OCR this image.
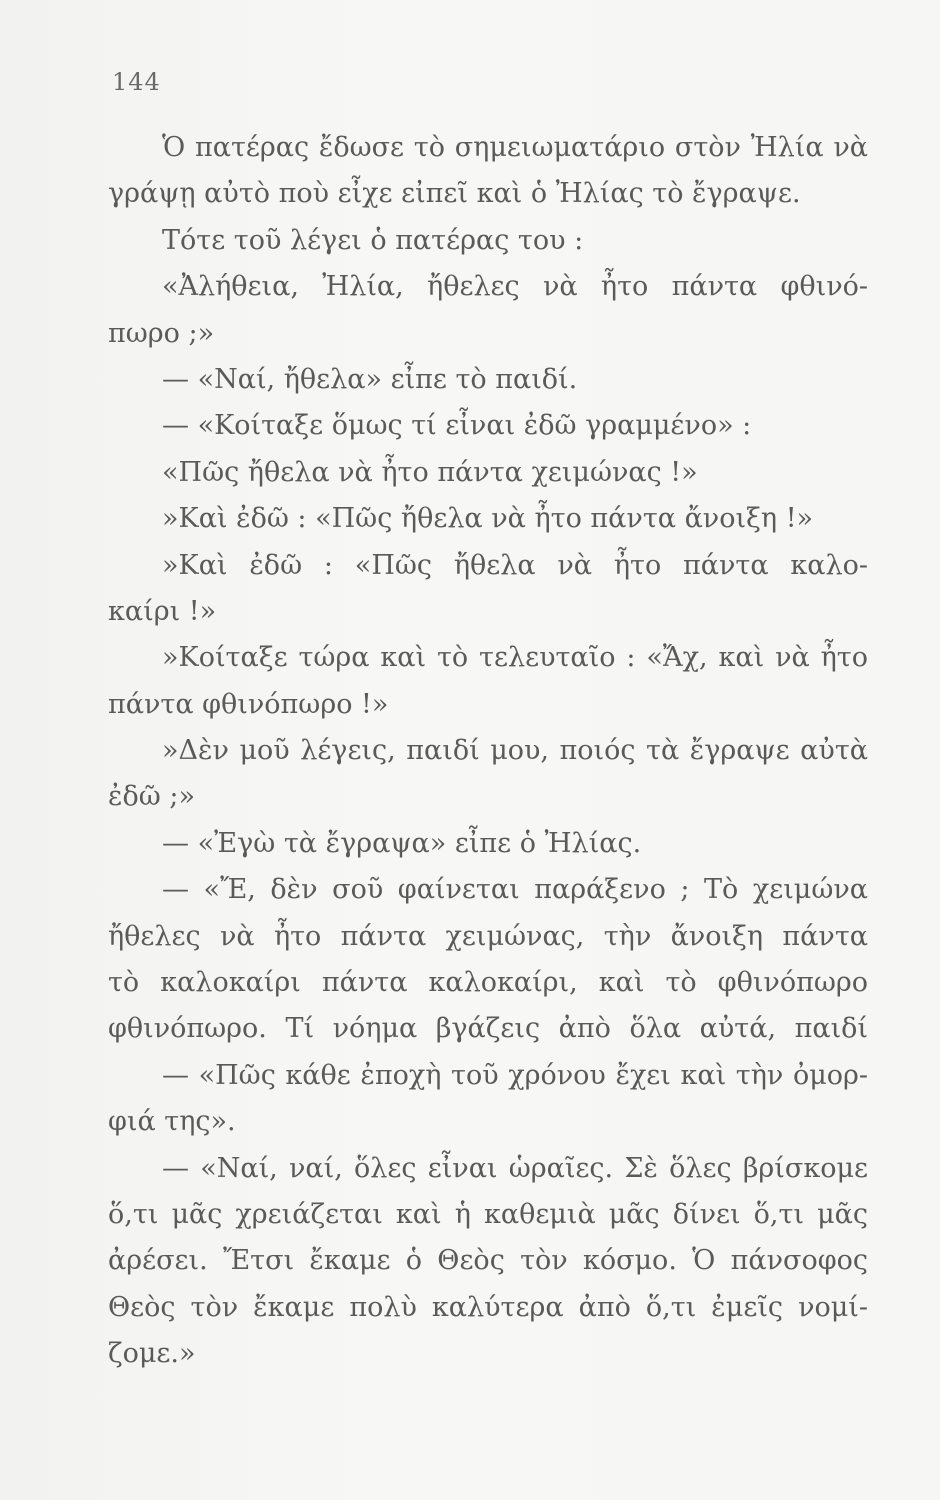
144
Ὁ πατέρας ἔδωσε τὸ σημειωματάριο στὸν Ἠλία νὰ
γράψῃ αὐτὸ ποὺ εἶχε εἰπεῖ καὶ ὁ Ἠλίας τὸ ἔγραψε.
Τότε τοῦ λέγει ὁ πατέρας του :
«Ἀλήθεια, Ἠλία, ἤθελες νὰ ἦτο πάντα φθινό-
πωρο ;»
— «Ναί, ἤθελα» εἶπε τὸ παιδί.
— «Κοίταξε ὅμως τί εἶναι ἐδῶ γραμμένο» :
«Πῶς ἤθελα νὰ ἦτο πάντα χειμώνας !»
»Καὶ ἐδῶ : «Πῶς ἤθελα νὰ ἦτο πάντα ἄνοιξη !»
»Καὶ ἐδῶ : «Πῶς ἤθελα νὰ ἦτο πάντα καλο-
καίρι !»
»Κοίταξε τώρα καὶ τὸ τελευταῖο : «Ἄχ, καὶ νὰ ἦτο
πάντα φθινόπωρο !»
»Δὲν μοῦ λέγεις, παιδί μου, ποιός τὰ ἔγραψε αὐτὰ
ἐδῶ ;»
— «Ἐγὼ τὰ ἔγραψα» εἶπε ὁ Ἠλίας.
— «Ἔ, δὲν σοῦ φαίνεται παράξενο ; Τὸ χειμώνα
ἤθελες νὰ ἦτο πάντα χειμώνας, τὴν ἄνοιξη πάντα
τὸ καλοκαίρι πάντα καλοκαίρι, καὶ τὸ φθινόπωρο
φθινόπωρο. Τί νόημα βγάζεις ἀπὸ ὅλα αὐτά, παιδί
— «Πῶς κάθε ἐποχὴ τοῦ χρόνου ἔχει καὶ τὴν ὀμορ-
φιά της».
— «Ναί, ναί, ὅλες εἶναι ὡραῖες. Σὲ ὅλες βρίσκομε
ὅ,τι μᾶς χρειάζεται καὶ ἡ καθεμιὰ μᾶς δίνει ὅ,τι μᾶς
ἀρέσει. Ἔτσι ἔκαμε ὁ Θεὸς τὸν κόσμο. Ὁ πάνσοφος
Θεὸς τὸν ἔκαμε πολὺ καλύτερα ἀπὸ ὅ,τι ἐμεῖς νομί-
ζομε.»
